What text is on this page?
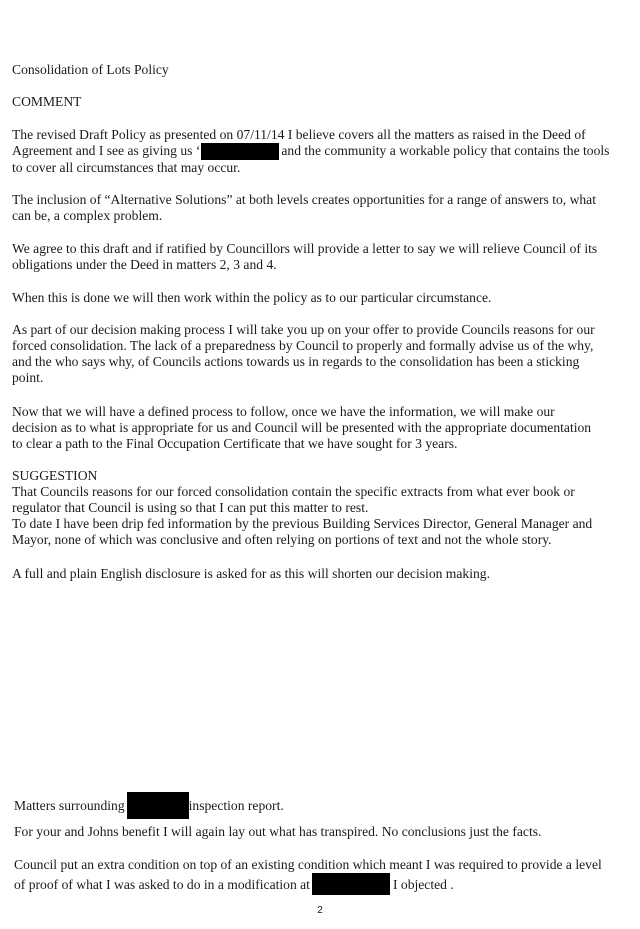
Consolidation of Lots Policy

COMMENT

The revised Draft Policy as presented on 07/11/14 I believe covers all the matters as raised in the Deed of
Agreement and I see as giving us ‘	and the community a workable policy that contains the tools
to cover all circumstances that may occur.

The inclusion of “Alternative Solutions” at both levels creates opportunities for a range of answers to, what
can be, a complex problem.

We agree to this draft and if ratified by Councillors will provide a letter to say we will relieve Council of its
obligations under the Deed in matters 2, 3 and 4.

When this is done we will then work within the policy as to our particular circumstance.

As part of our decision making process I will take you up on your offer to provide Councils reasons for our
forced consolidation. The lack of a preparedness by Council to properly and formally advise us of the why,
and the who says why, of Councils actions towards us in regards to the consolidation has been a sticking
point.

Now that we will have a defined process to follow, once we have the information, we will make our
decision as to what is appropriate for us and Council will be presented with the appropriate documentation
to clear a path to the Final Occupation Certificate that we have sought for 3 years.

SUGGESTION

That Councils reasons for our forced consolidation contain the specific extracts from what ever book or
regulator that Council is using so that I can put this matter to rest.
To date I have been drip fed information by the previous Building Services Director, General Manager and
Mayor, none of which was conclusive and often relying on portions of text and not the whole story.

A full and plain English disclosure is asked for as this will shorten our decision making.

Matters surrounding	inspection report.

For your and Johns benefit I will again lay out what has transpired. No conclusions just the facts.

Council put an extra condition on top of an existing condition which meant I was required to provide a level
of proof of what I was asked to do in a modification at	I objected .

2
